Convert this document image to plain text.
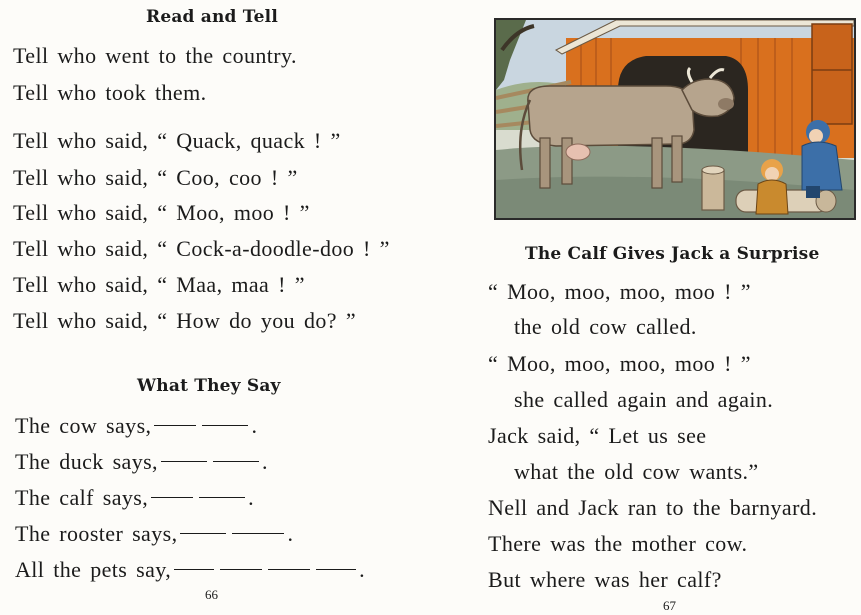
Read and Tell
Tell who went to the country.
Tell who took them.
Tell who said, “ Quack, quack ! ”
Tell who said, “ Coo, coo ! ”
Tell who said, “ Moo, moo ! ”
Tell who said, “ Cock-a-doodle-doo ! ”
Tell who said, “ Maa, maa ! ”
Tell who said, “ How do you do? ”
What They Say
The cow says,	.
The duck says,	.
The calf says,	.
The rooster says,	.
All the pets say,	.
66
The Calf Gives Jack a Surprise
“ Moo, moo, moo, moo ! ”
the old cow called.
“ Moo, moo, moo, moo ! ”
she called again and again.
Jack said, “ Let us see
what the old cow wants.”
Nell and Jack ran to the barnyard.
There was the mother cow.
But where was her calf?
67
